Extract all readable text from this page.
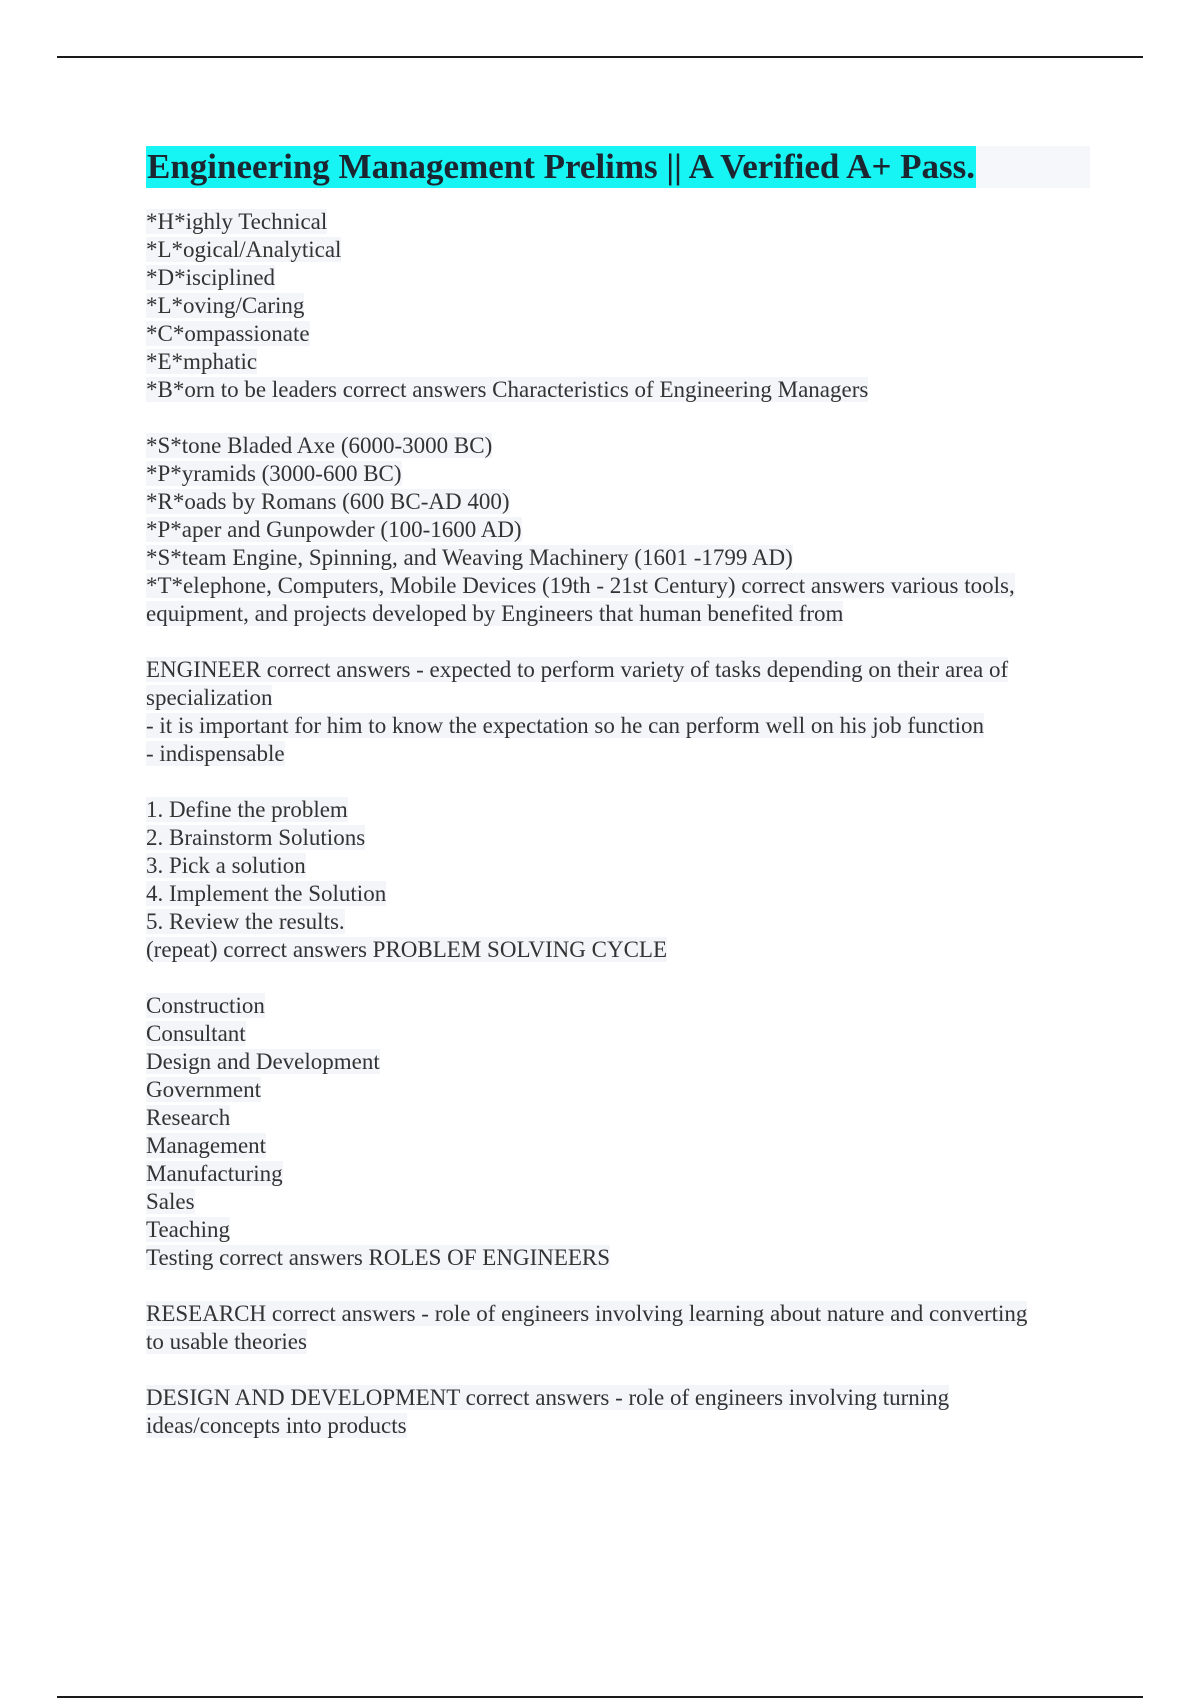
Engineering Management Prelims || A Verified A+ Pass.
*H*ighly Technical
*L*ogical/Analytical
*D*isciplined
*L*oving/Caring
*C*ompassionate
*E*mphatic
*B*orn to be leaders correct answers Characteristics of Engineering Managers
*S*tone Bladed Axe (6000-3000 BC)
*P*yramids (3000-600 BC)
*R*oads by Romans (600 BC-AD 400)
*P*aper and Gunpowder (100-1600 AD)
*S*team Engine, Spinning, and Weaving Machinery (1601 -1799 AD)
*T*elephone, Computers, Mobile Devices (19th - 21st Century) correct answers various tools,
equipment, and projects developed by Engineers that human benefited from
ENGINEER correct answers - expected to perform variety of tasks depending on their area of
specialization
- it is important for him to know the expectation so he can perform well on his job function
- indispensable
1. Define the problem
2. Brainstorm Solutions
3. Pick a solution
4. Implement the Solution
5. Review the results.
(repeat) correct answers PROBLEM SOLVING CYCLE
Construction
Consultant
Design and Development
Government
Research
Management
Manufacturing
Sales
Teaching
Testing correct answers ROLES OF ENGINEERS
RESEARCH correct answers - role of engineers involving learning about nature and converting
to usable theories
DESIGN AND DEVELOPMENT correct answers - role of engineers involving turning
ideas/concepts into products
